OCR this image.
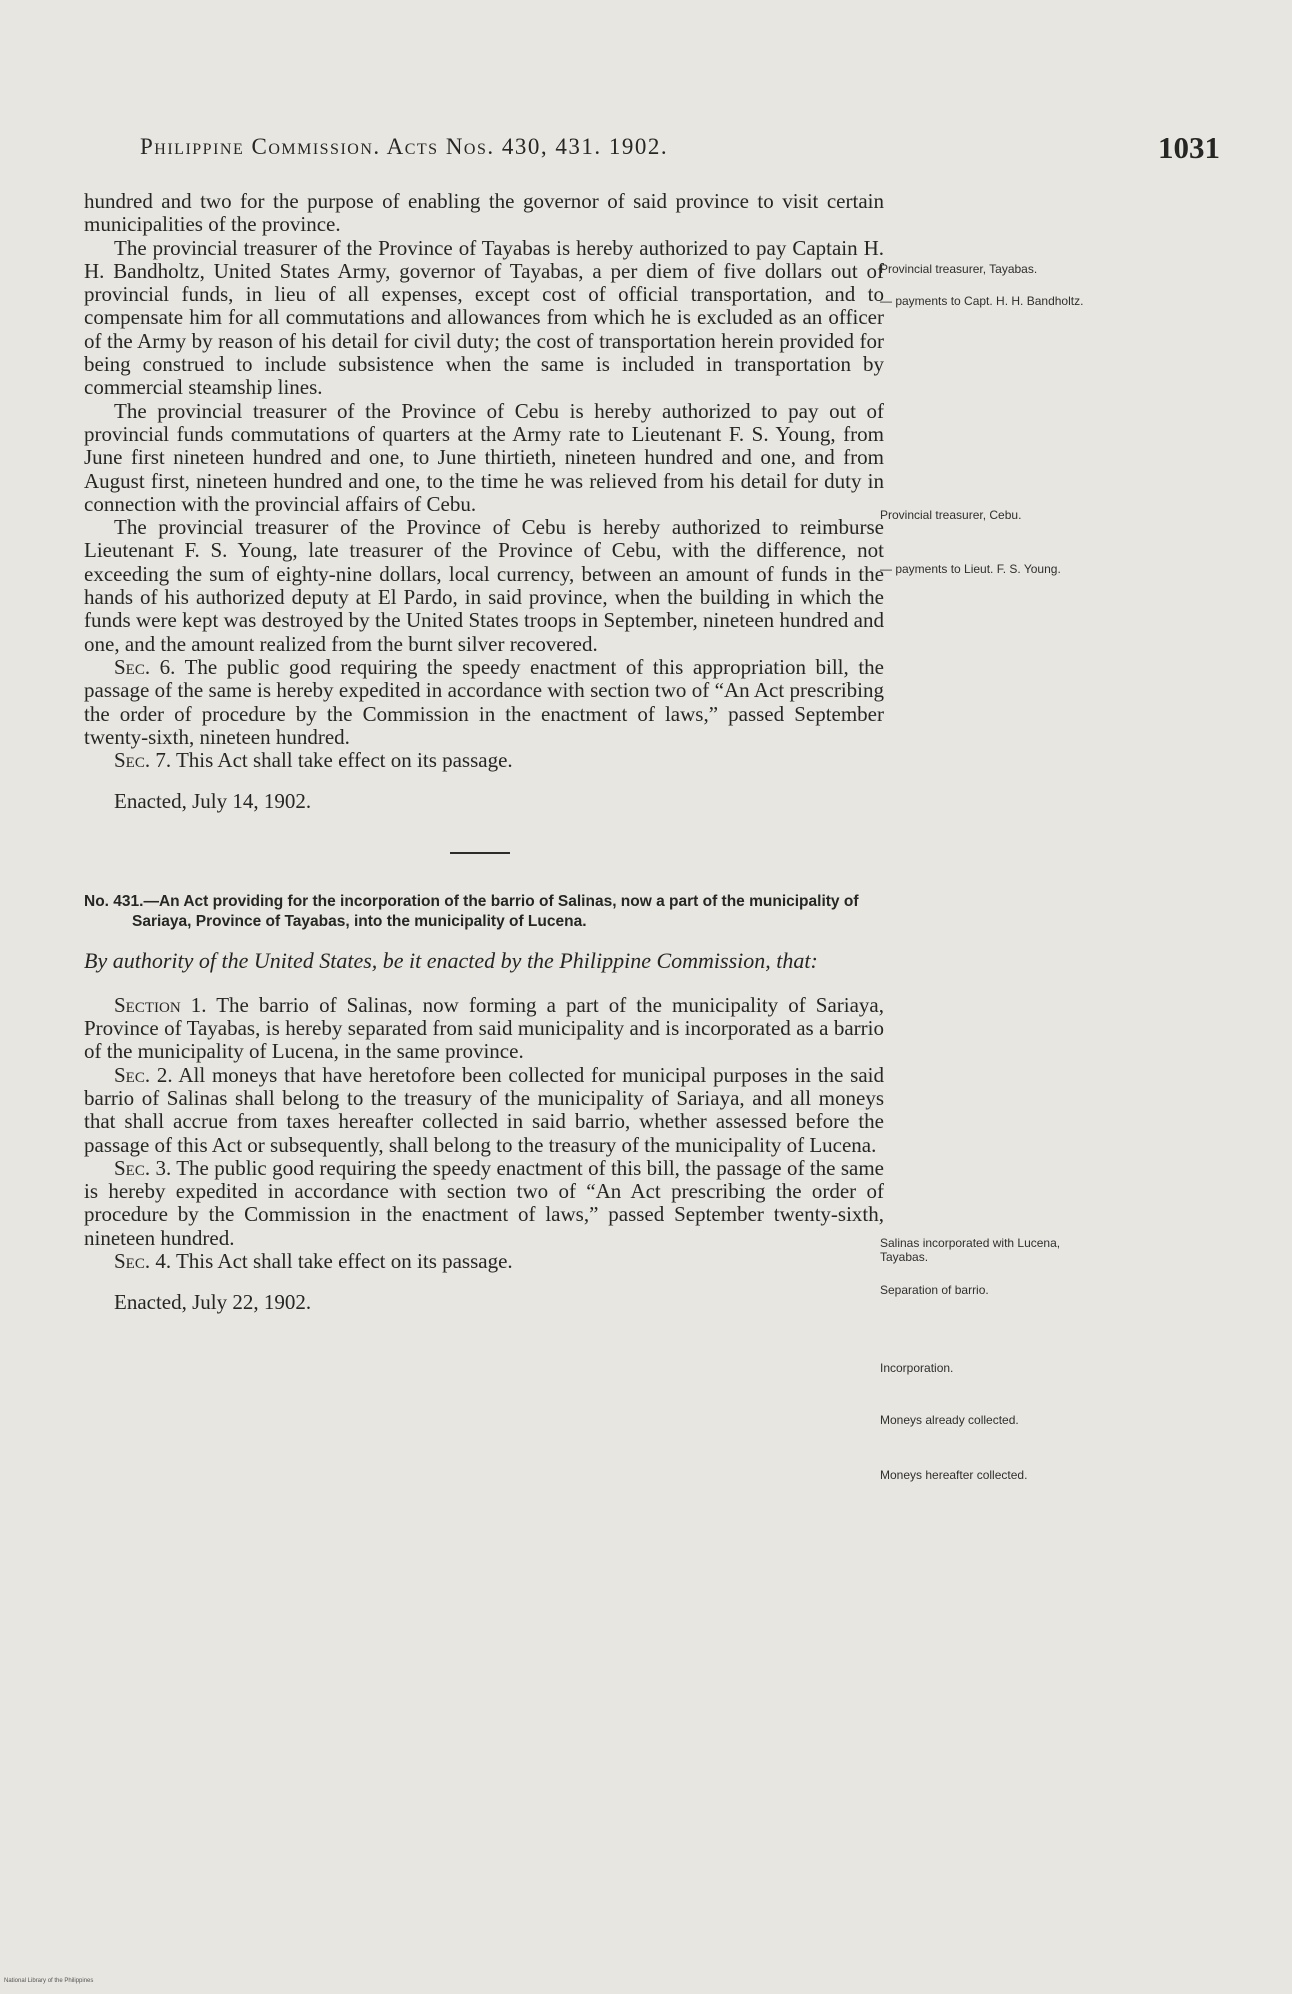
Philippine Commission. Acts Nos. 430, 431. 1902.	1031

hundred and two for the purpose of enabling the governor of said province to visit certain municipalities of the province.

The provincial treasurer of the Province of Tayabas is hereby authorized to pay Captain H. H. Bandholtz, United States Army, governor of Tayabas, a per diem of five dollars out of provincial funds, in lieu of all expenses, except cost of official transportation, and to compensate him for all commutations and allowances from which he is excluded as an officer of the Army by reason of his detail for civil duty; the cost of transportation herein provided for being construed to include subsistence when the same is included in transportation by commercial steamship lines.

The provincial treasurer of the Province of Cebu is hereby authorized to pay out of provincial funds commutations of quarters at the Army rate to Lieutenant F. S. Young, from June first nineteen hundred and one, to June thirtieth, nineteen hundred and one, and from August first, nineteen hundred and one, to the time he was relieved from his detail for duty in connection with the provincial affairs of Cebu.

The provincial treasurer of the Province of Cebu is hereby authorized to reimburse Lieutenant F. S. Young, late treasurer of the Province of Cebu, with the difference, not exceeding the sum of eighty-nine dollars, local currency, between an amount of funds in the hands of his authorized deputy at El Pardo, in said province, when the building in which the funds were kept was destroyed by the United States troops in September, nineteen hundred and one, and the amount realized from the burnt silver recovered.

Sec. 6. The public good requiring the speedy enactment of this appropriation bill, the passage of the same is hereby expedited in accordance with section two of “An Act prescribing the order of procedure by the Commission in the enactment of laws,” passed September twenty-sixth, nineteen hundred.

Sec. 7. This Act shall take effect on its passage.

Enacted, July 14, 1902.

No. 431.—An Act providing for the incorporation of the barrio of Salinas, now a part of the municipality of Sariaya, Province of Tayabas, into the municipality of Lucena.

By authority of the United States, be it enacted by the Philippine Commission, that:

Section 1. The barrio of Salinas, now forming a part of the municipality of Sariaya, Province of Tayabas, is hereby separated from said municipality and is incorporated as a barrio of the municipality of Lucena, in the same province.

Sec. 2. All moneys that have heretofore been collected for municipal purposes in the said barrio of Salinas shall belong to the treasury of the municipality of Sariaya, and all moneys that shall accrue from taxes hereafter collected in said barrio, whether assessed before the passage of this Act or subsequently, shall belong to the treasury of the municipality of Lucena.

Sec. 3. The public good requiring the speedy enactment of this bill, the passage of the same is hereby expedited in accordance with section two of “An Act prescribing the order of procedure by the Commission in the enactment of laws,” passed September twenty-sixth, nineteen hundred.

Sec. 4. This Act shall take effect on its passage.

Enacted, July 22, 1902.

Provincial treasurer, Tayabas.
— payments to Capt. H. H. Bandholtz.
Provincial treasurer, Cebu.
— payments to Lieut. F. S. Young.
Salinas incorporated with Lucena, Tayabas.
Separation of barrio.
Incorporation.
Moneys already collected.
Moneys hereafter collected.
National Library of the Philippines
